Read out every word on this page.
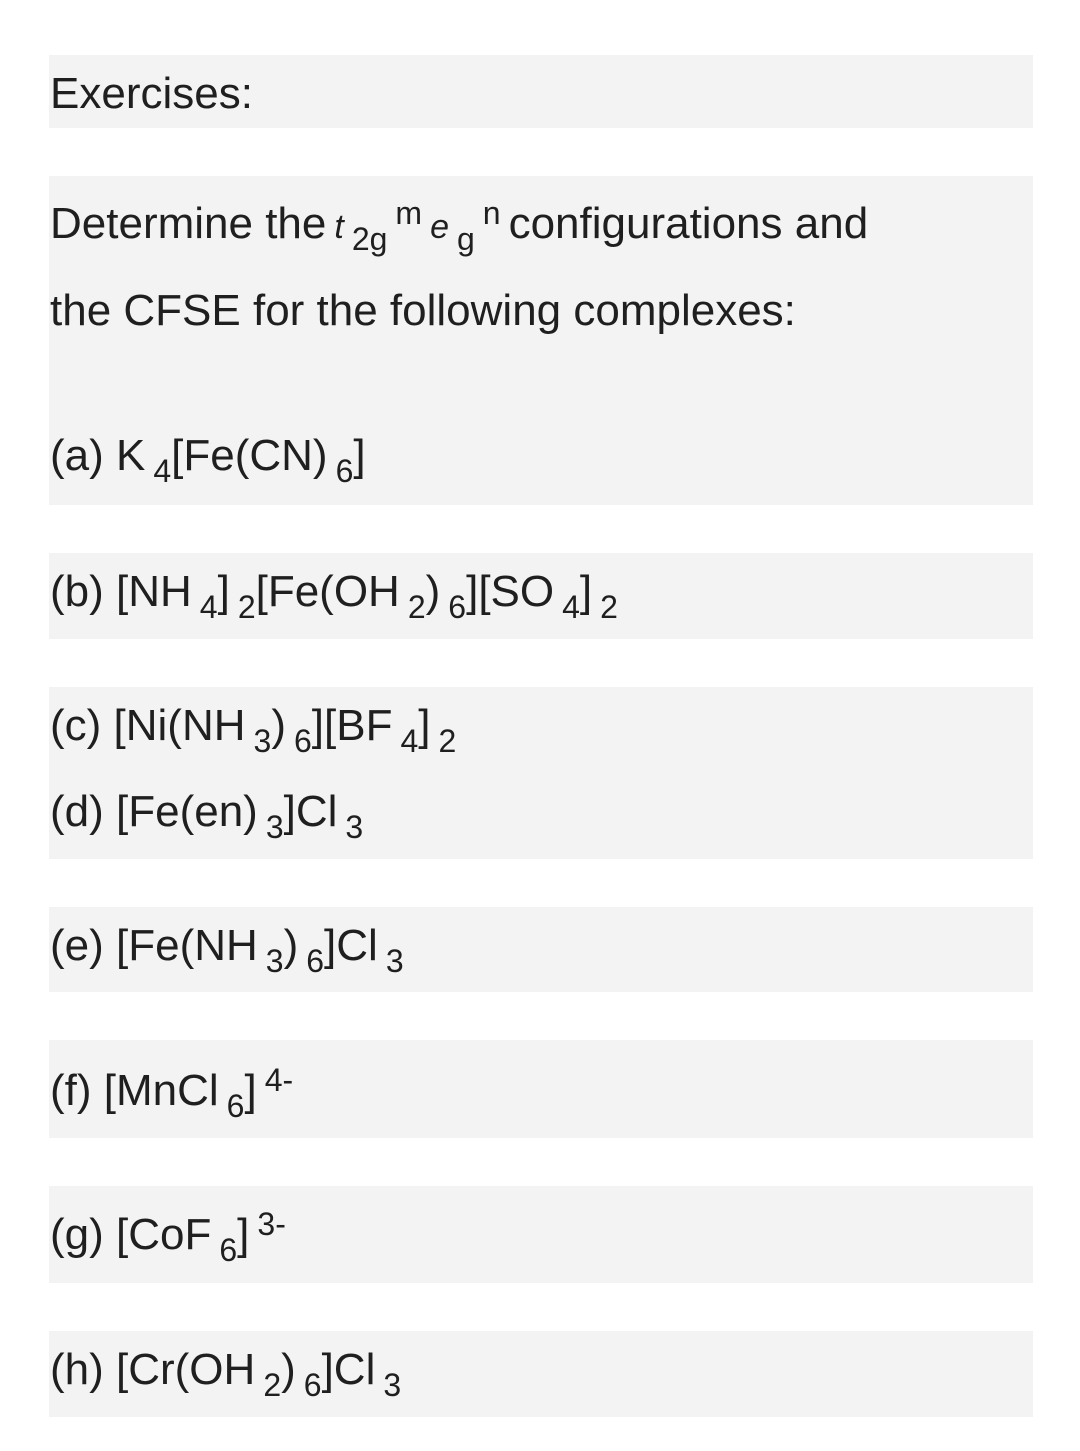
Exercises:
Determine the t $_{2g}^m$ e $_g^n$ configurations and
the CFSE for the following complexes:
(a) K $_4$[Fe(CN) $_6$]
(b) [NH $_4$] $_2$[Fe(OH $_2$) $_6$][SO $_4$] $_2$
(c) [Ni(NH $_3$) $_6$][BF $_4$] $_2$
(d) [Fe(en) $_3$]Cl $_3$
(e) [Fe(NH $_3$) $_6$]Cl $_3$
(f) [MnCl $_6$] $^{4-}$
(g) [CoF $_6$] $^{3-}$
(h) [Cr(OH $_2$) $_6$]Cl $_3$
